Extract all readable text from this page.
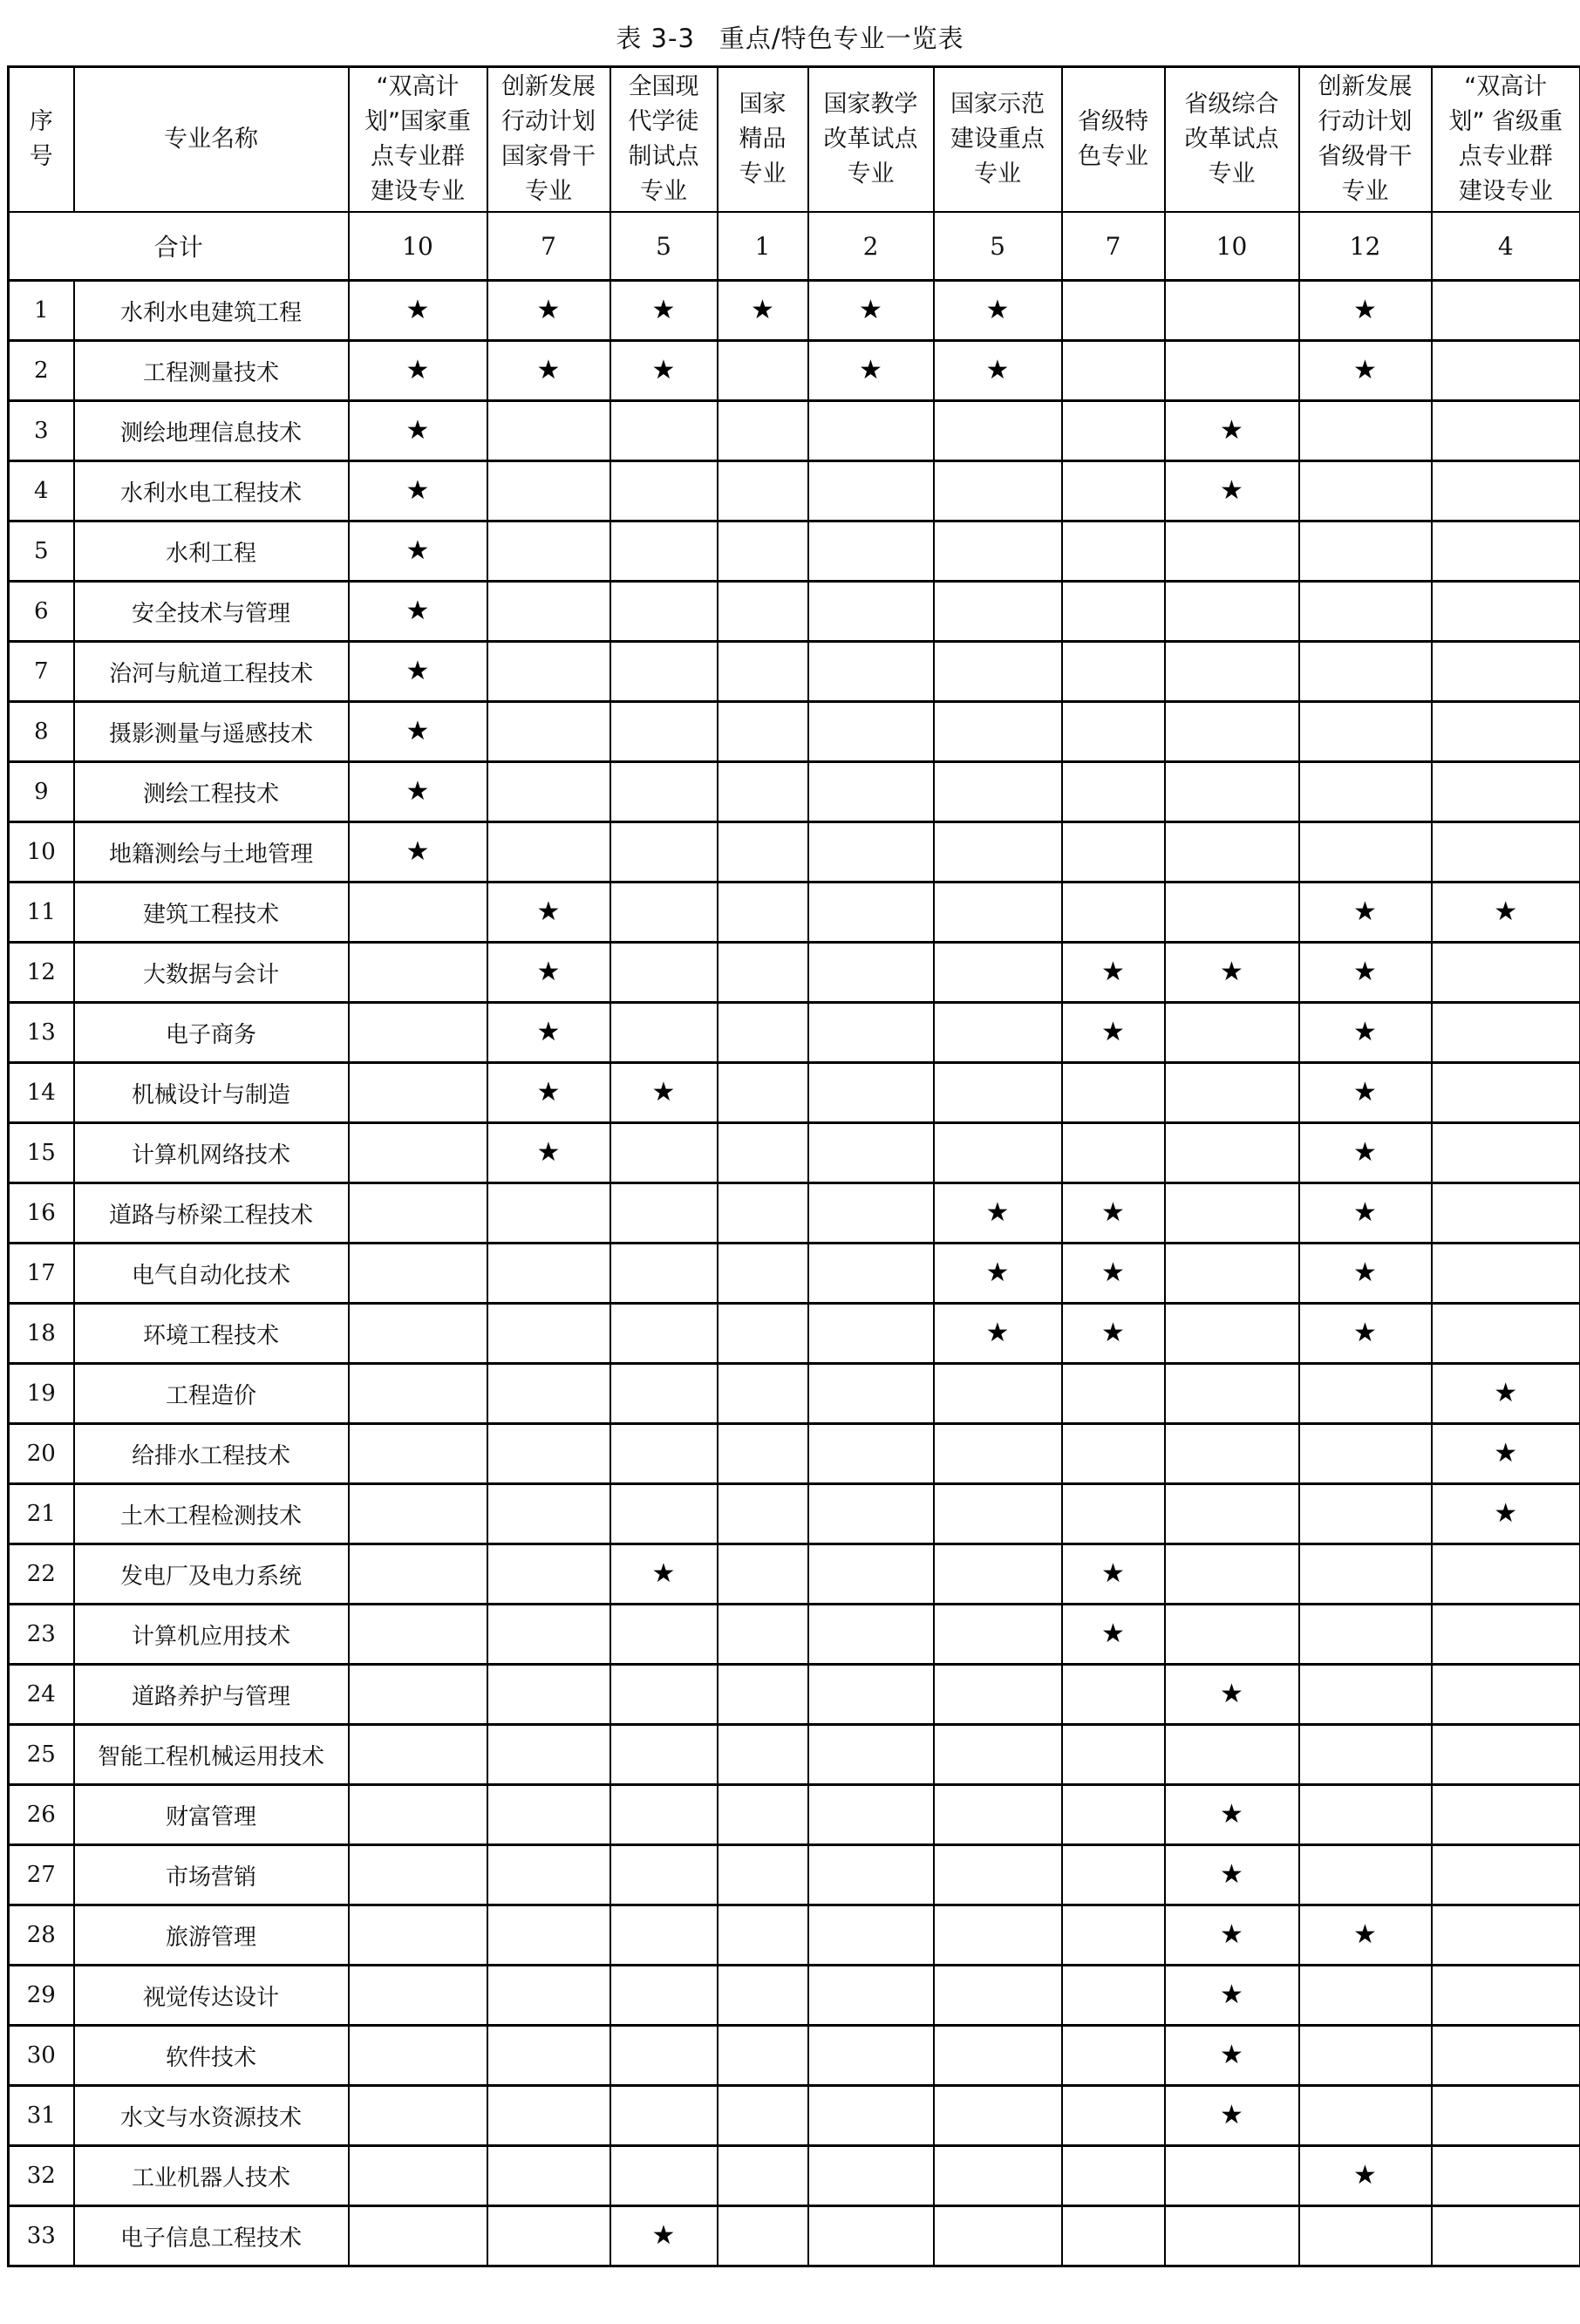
表 3-3 重点/特色专业一览表
序
号	专业名称	“双高计
划”国家重
点专业群
建设专业	创新发展
行动计划
国家骨干
专业	全国现
代学徒
制试点
专业	国家
精品
专业	国家教学
改革试点
专业	国家示范
建设重点
专业	省级特
色专业	省级综合
改革试点
专业	创新发展
行动计划
省级骨干
专业	“双高计
划” 省级重
点专业群
建设专业

合计		10	7	5	1	2	5	7	10	12	4
1	水利水电建筑工程	★	★	★	★	★	★			★	
2	工程测量技术	★	★	★		★	★			★	
3	测绘地理信息技术	★							★		
4	水利水电工程技术	★							★		
5	水利工程	★									
6	安全技术与管理	★									
7	治河与航道工程技术	★									
8	摄影测量与遥感技术	★									
9	测绘工程技术	★									
10	地籍测绘与土地管理	★									
11	建筑工程技术		★							★	★
12	大数据与会计		★					★	★	★	
13	电子商务		★					★		★	
14	机械设计与制造		★	★						★	
15	计算机网络技术		★							★	
16	道路与桥梁工程技术						★	★		★	
17	电气自动化技术						★	★		★	
18	环境工程技术						★	★		★	
19	工程造价										★
20	给排水工程技术										★
21	土木工程检测技术										★
22	发电厂及电力系统			★				★			
23	计算机应用技术							★			
24	道路养护与管理								★		
25	智能工程机械运用技术										
26	财富管理								★		
27	市场营销								★		
28	旅游管理								★	★	
29	视觉传达设计								★		
30	软件技术								★		
31	水文与水资源技术								★		
32	工业机器人技术									★	
33	电子信息工程技术			★							
